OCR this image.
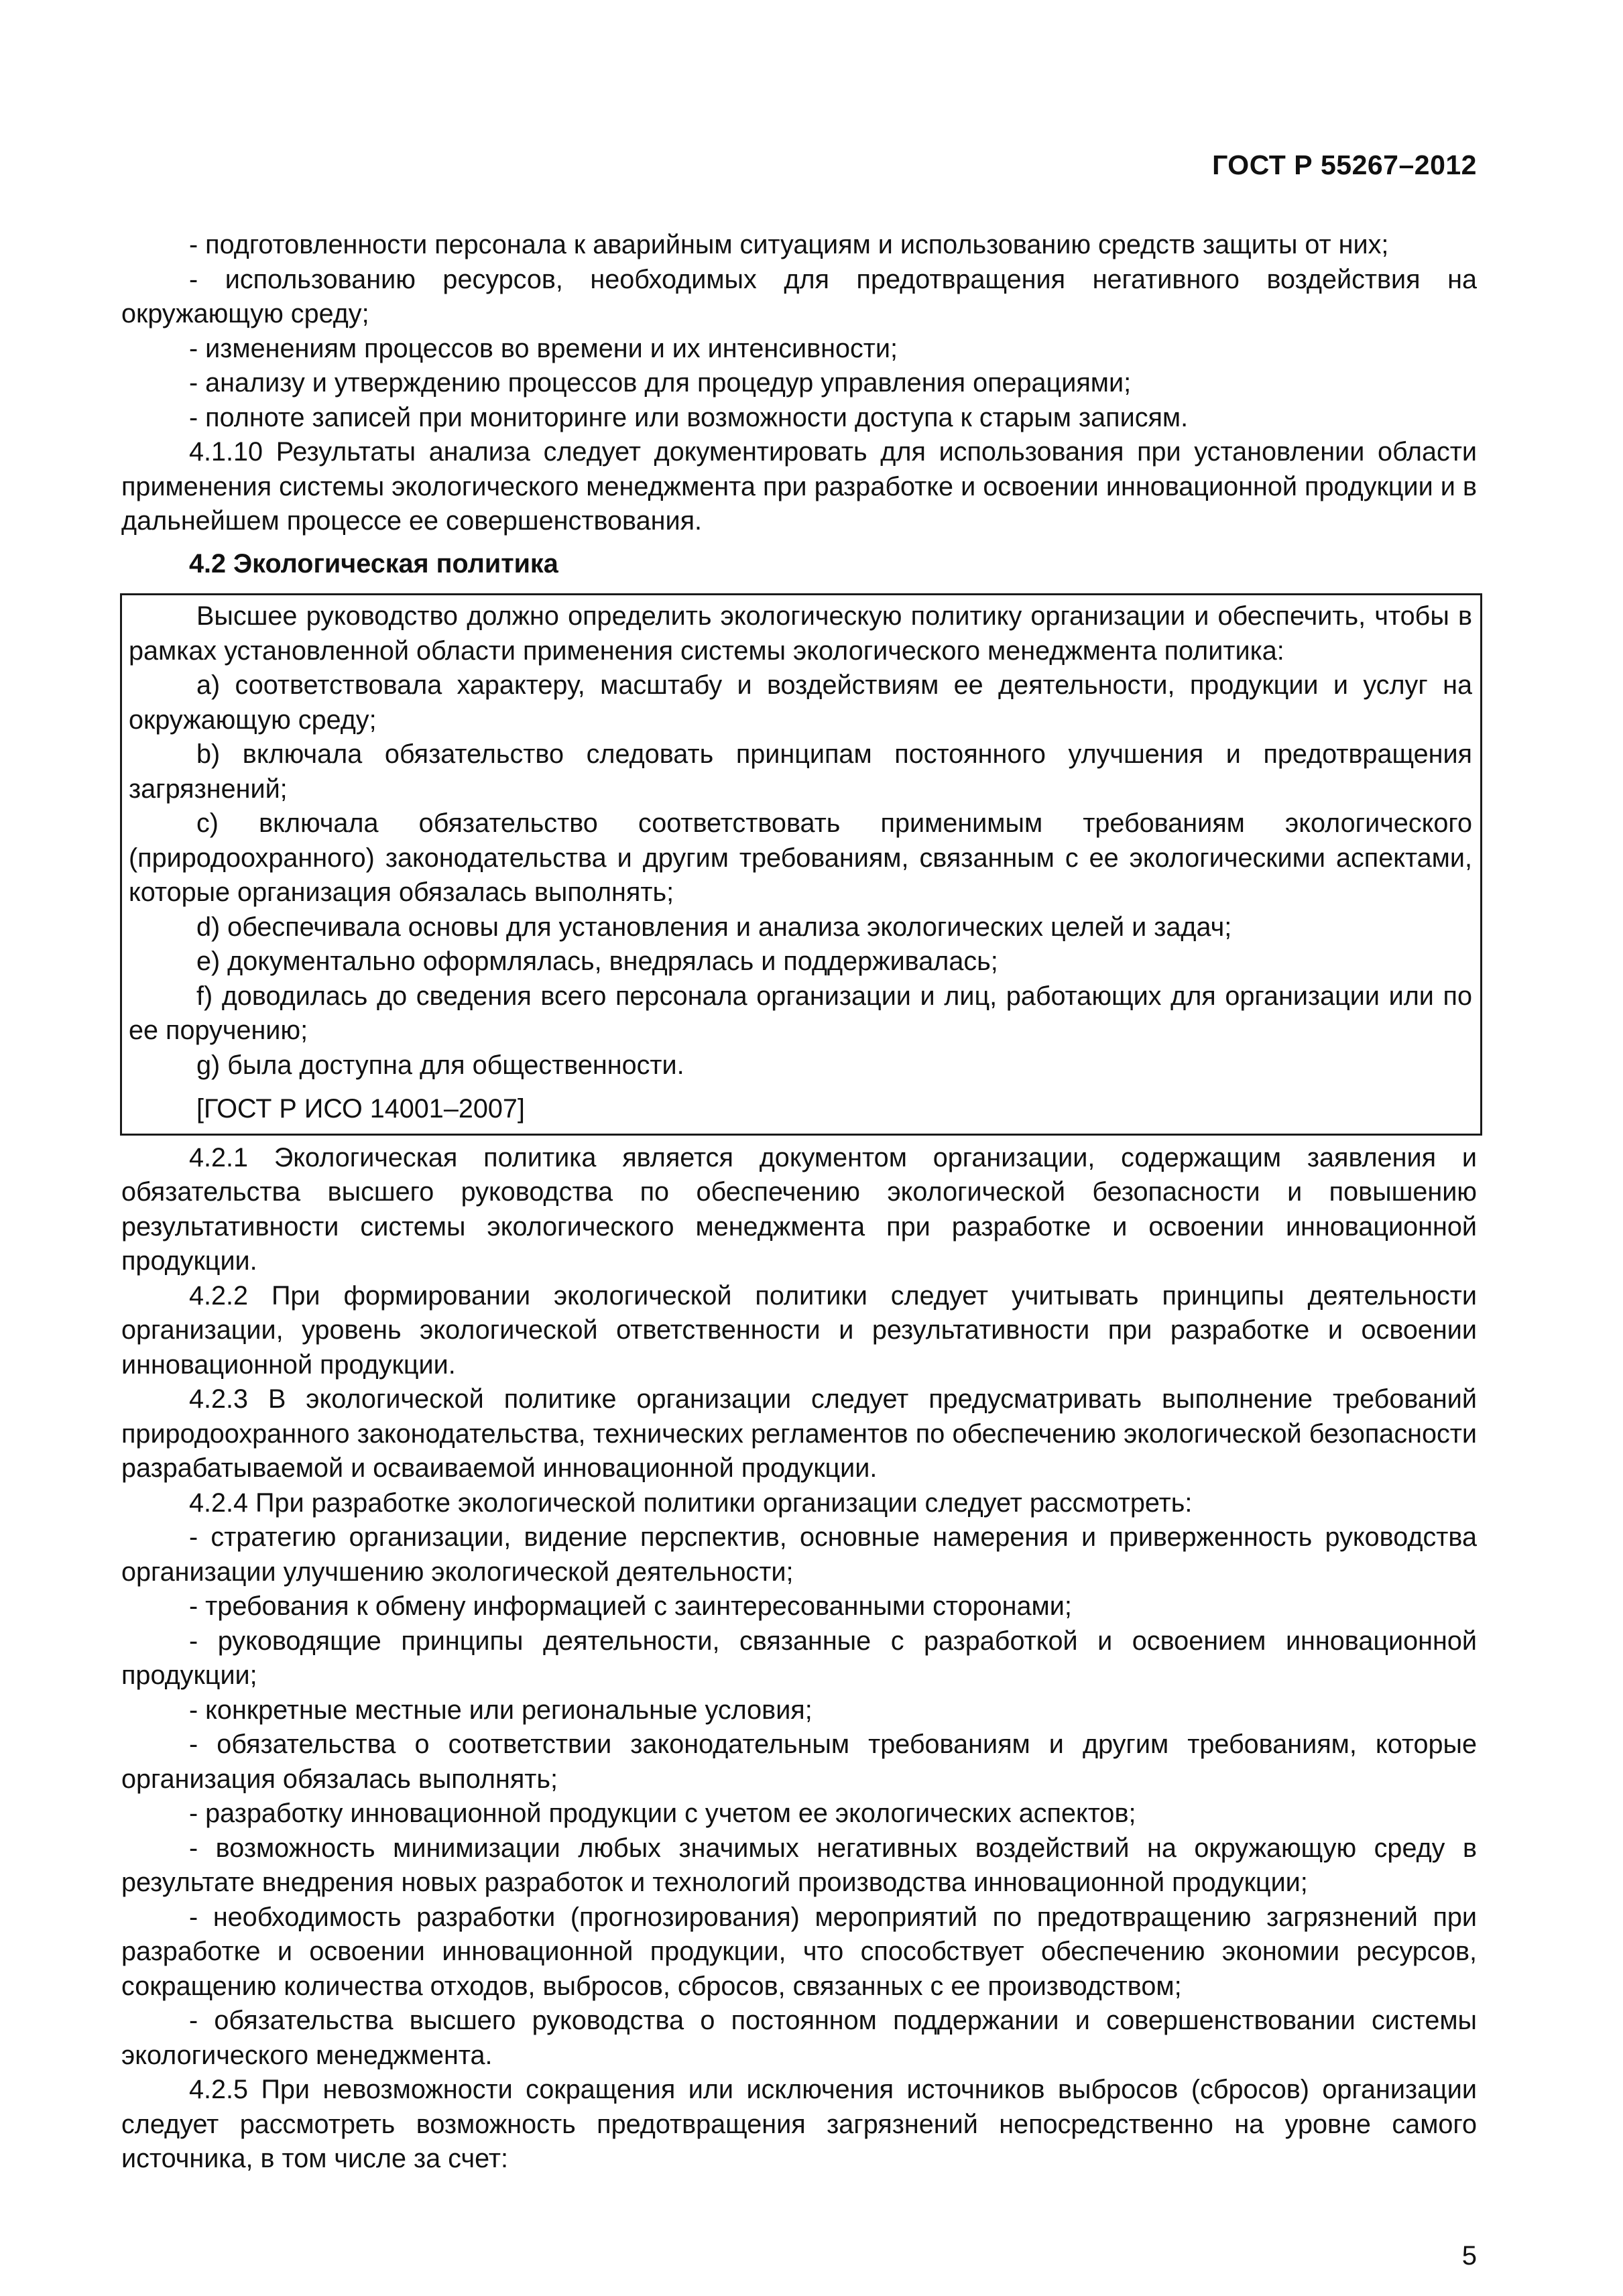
ГОСТ Р 55267–2012

- подготовленности персонала к аварийным ситуациям и использованию средств защиты от них;

- использованию ресурсов, необходимых для предотвращения негативного воздействия на окружающую среду;

- изменениям процессов во времени и их интенсивности;

- анализу и утверждению процессов для процедур управления операциями;

- полноте записей при мониторинге или возможности доступа к старым записям.

4.1.10 Результаты анализа следует документировать для использования при установлении области применения системы экологического менеджмента при разработке и освоении инновационной продукции и в дальнейшем процессе ее совершенствования.

4.2 Экологическая политика

Высшее руководство должно определить экологическую политику организации и обеспечить, чтобы в рамках установленной области применения системы экологического менеджмента политика:

a) соответствовала характеру, масштабу и воздействиям ее деятельности, продукции и услуг на окружающую среду;

b) включала обязательство следовать принципам постоянного улучшения и предотвращения загрязнений;

c) включала обязательство соответствовать применимым требованиям экологического (природоохранного) законодательства и другим требованиям, связанным с ее экологическими аспектами, которые организация обязалась выполнять;

d) обеспечивала основы для установления и анализа экологических целей и задач;

e) документально оформлялась, внедрялась и поддерживалась;

f) доводилась до сведения всего персонала организации и лиц, работающих для организации или по ее поручению;

g) была доступна для общественности.

[ГОСТ Р ИСО 14001–2007]

4.2.1 Экологическая политика является документом организации, содержащим заявления и обязательства высшего руководства по обеспечению экологической безопасности и повышению результативности системы экологического менеджмента при разработке и освоении инновационной продукции.

4.2.2 При формировании экологической политики следует учитывать принципы деятельности организации, уровень экологической ответственности и результативности при разработке и освоении инновационной продукции.

4.2.3 В экологической политике организации следует предусматривать выполнение требований природоохранного законодательства, технических регламентов по обеспечению экологической безопасности разрабатываемой и осваиваемой инновационной продукции.

4.2.4 При разработке экологической политики организации следует рассмотреть:

- стратегию организации, видение перспектив, основные намерения и приверженность руководства организации улучшению экологической деятельности;

- требования к обмену информацией с заинтересованными сторонами;

- руководящие принципы деятельности, связанные с разработкой и освоением инновационной продукции;

- конкретные местные или региональные условия;

- обязательства о соответствии законодательным требованиям и другим требованиям, которые организация обязалась выполнять;

- разработку инновационной продукции с учетом ее экологических аспектов;

- возможность минимизации любых значимых негативных воздействий на окружающую среду в результате внедрения новых разработок и технологий производства инновационной продукции;

- необходимость разработки (прогнозирования) мероприятий по предотвращению загрязнений при разработке и освоении инновационной продукции, что способствует обеспечению экономии ресурсов, сокращению количества отходов, выбросов, сбросов, связанных с ее производством;

- обязательства высшего руководства о постоянном поддержании и совершенствовании системы экологического менеджмента.

4.2.5 При невозможности сокращения или исключения источников выбросов (сбросов) организации следует рассмотреть возможность предотвращения загрязнений непосредственно на уровне самого источника, в том числе за счет:

5
